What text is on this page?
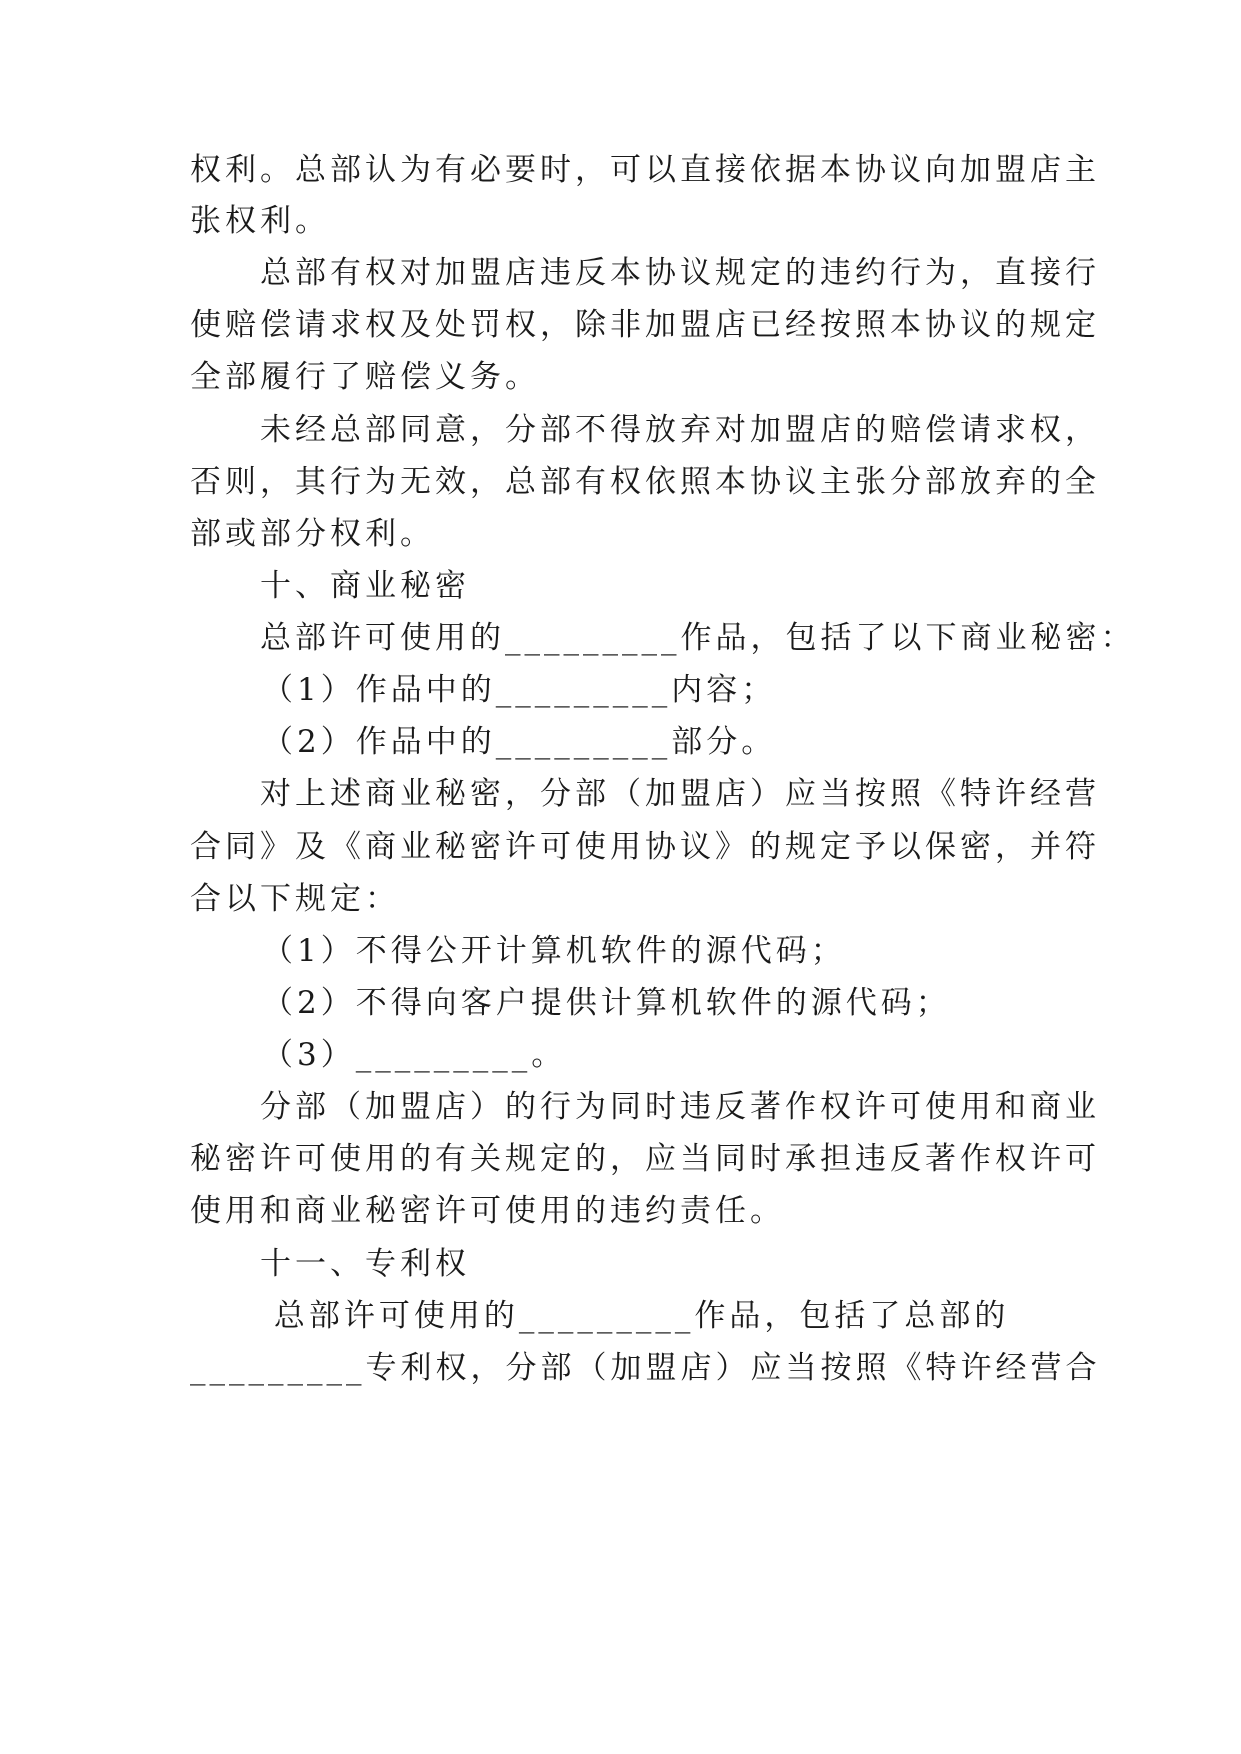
权利。总部认为有必要时，可以直接依据本协议向加盟店主
张权利。
总部有权对加盟店违反本协议规定的违约行为，直接行
使赔偿请求权及处罚权，除非加盟店已经按照本协议的规定
全部履行了赔偿义务。
未经总部同意，分部不得放弃对加盟店的赔偿请求权，
否则，其行为无效，总部有权依照本协议主张分部放弃的全
部或部分权利。
十、商业秘密
总部许可使用的_________作品，包括了以下商业秘密：
（1）作品中的_________内容；
（2）作品中的_________部分。
对上述商业秘密，分部（加盟店）应当按照《特许经营
合同》及《商业秘密许可使用协议》的规定予以保密，并符
合以下规定：
（1）不得公开计算机软件的源代码；
（2）不得向客户提供计算机软件的源代码；
（3）_________。
分部（加盟店）的行为同时违反著作权许可使用和商业
秘密许可使用的有关规定的，应当同时承担违反著作权许可
使用和商业秘密许可使用的违约责任。
十一、专利权
总部许可使用的_________作品，包括了总部的
_________专利权，分部（加盟店）应当按照《特许经营合
